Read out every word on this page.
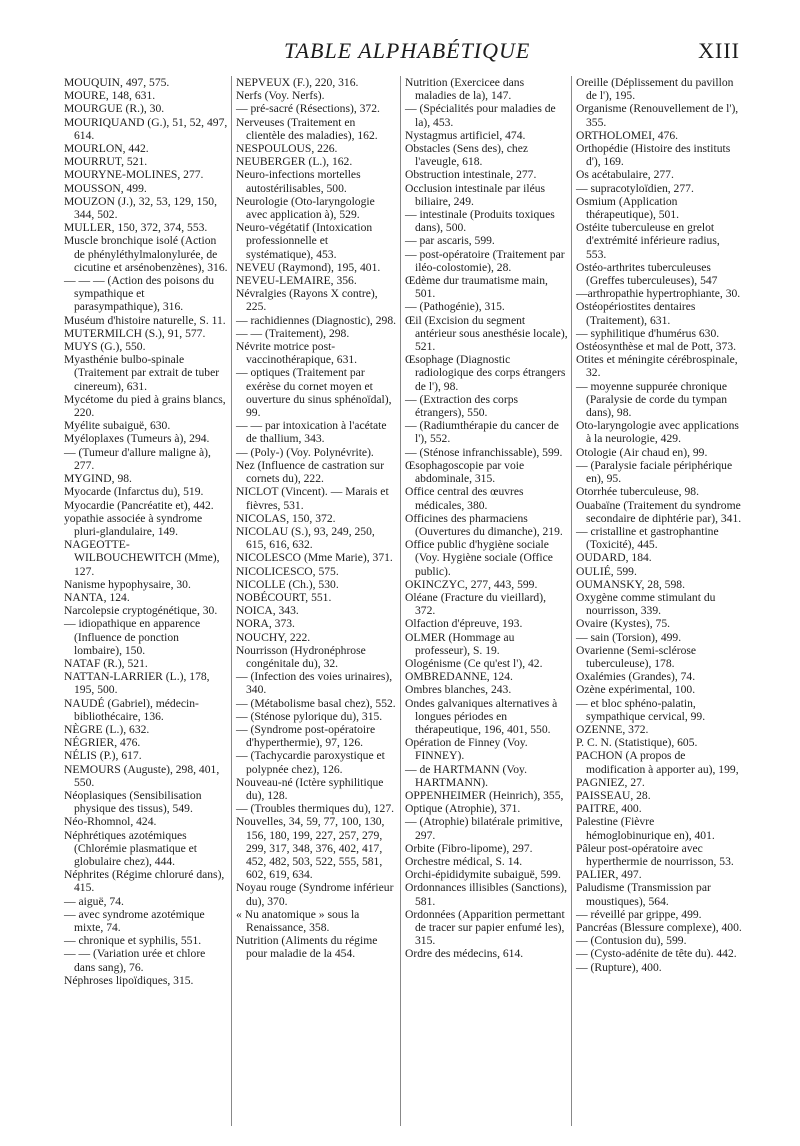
TABLE ALPHABÉTIQUE	XIII

MOUQUIN, 497, 575.

MOURE, 148, 631.

MOURGUE (R.), 30.

MOURIQUAND (G.), 51, 52, 497, 614.

MOURLON, 442.

MOURRUT, 521.

MOURYNE-MOLINES, 277.

MOUSSON, 499.

MOUZON (J.), 32, 53, 129, 150, 344, 502.

MULLER, 150, 372, 374, 553.

Muscle bronchique isolé (Action de phényléthylmalonylurée, de cicutine et arsénobenzènes), 316.

— — — (Action des poisons du sympathique et parasympathique), 316.

Muséum d'histoire naturelle, S. 11.

MUTERMILCH (S.), 91, 577.

MUYS (G.), 550.

Myasthénie bulbo-spinale (Traitement par extrait de tuber cinereum), 631.

Mycétome du pied à grains blancs, 220.

Myélite subaiguë, 630.

Myéloplaxes (Tumeurs à), 294.

— (Tumeur d'allure maligne à), 277.

MYGIND, 98.

Myocarde (Infarctus du), 519.

Myocardie (Pancréatite et), 442.

yopathie associée à syndrome pluri-glandulaire, 149.

NAGEOTTE-WILBOUCHEWITCH (Mme), 127.

Nanisme hypophysaire, 30.

NANTA, 124.

Narcolepsie cryptogénétique, 30.

— idiopathique en apparence (Influence de ponction lombaire), 150.

NATAF (R.), 521.

NATTAN-LARRIER (L.), 178, 195, 500.

NAUDÉ (Gabriel), médecin-bibliothécaire, 136.

NÈGRE (L.), 632.

NÉGRIER, 476.

NÉLIS (P.), 617.

NEMOURS (Auguste), 298, 401, 550.

Néoplasiques (Sensibilisation physique des tissus), 549.

Néo-Rhomnol, 424.

Néphrétiques azotémiques (Chlorémie plasmatique et globulaire chez), 444.

Néphrites (Régime chloruré dans), 415.

— aiguë, 74.

— avec syndrome azotémique mixte, 74.

— chronique et syphilis, 551.

— — (Variation urée et chlore dans sang), 76.

Néphroses lipoïdiques, 315.

NEPVEUX (F.), 220, 316.

Nerfs (Voy. Nerfs).

— pré-sacré (Résections), 372.

Nerveuses (Traitement en clientèle des maladies), 162.

NESPOULOUS, 226.

NEUBERGER (L.), 162.

Neuro-infections mortelles autostérilisables, 500.

Neurologie (Oto-laryngologie avec application à), 529.

Neuro-végétatif (Intoxication professionnelle et systématique), 453.

NEVEU (Raymond), 195, 401.

NEVEU-LEMAIRE, 356.

Névralgies (Rayons X contre), 225.

— rachidiennes (Diagnostic), 298.

— — (Traitement), 298.

Névrite motrice post-vaccinothérapique, 631.

— optiques (Traitement par exérèse du cornet moyen et ouverture du sinus sphénoïdal), 99.

— — par intoxication à l'acétate de thallium, 343.

— (Poly-) (Voy. Polynévrite).

Nez (Influence de castration sur cornets du), 222.

NICLOT (Vincent). — Marais et fièvres, 531.

NICOLAS, 150, 372.

NICOLAU (S.), 93, 249, 250, 615, 616, 632.

NICOLESCO (Mme Marie), 371.

NICOLICESCO, 575.

NICOLLE (Ch.), 530.

NOBÉCOURT, 551.

NOICA, 343.

NORA, 373.

NOUCHY, 222.

Nourrisson (Hydronéphrose congénitale du), 32.

— (Infection des voies urinaires), 340.

— (Métabolisme basal chez), 552.

— (Sténose pylorique du), 315.

— (Syndrome post-opératoire d'hyperthermie), 97, 126.

— (Tachycardie paroxystique et polypnée chez), 126.

Nouveau-né (Ictère syphilitique du), 128.

— (Troubles thermiques du), 127.

Nouvelles, 34, 59, 77, 100, 130, 156, 180, 199, 227, 257, 279, 299, 317, 348, 376, 402, 417, 452, 482, 503, 522, 555, 581, 602, 619, 634.

Noyau rouge (Syndrome inférieur du), 370.

« Nu anatomique » sous la Renaissance, 358.

Nutrition (Aliments du régime pour maladie de la 454.

Nutrition (Exercicee dans maladies de la), 147.

— (Spécialités pour maladies de la), 453.

Nystagmus artificiel, 474.

Obstacles (Sens des), chez l'aveugle, 618.

Obstruction intestinale, 277.

Occlusion intestinale par iléus biliaire, 249.

— intestinale (Produits toxiques dans), 500.

— par ascaris, 599.

— post-opératoire (Traitement par iléo-colostomie), 28.

Œdème dur traumatisme main, 501.

— (Pathogénie), 315.

Œil (Excision du segment antérieur sous anesthésie locale), 521.

Œsophage (Diagnostic radiologique des corps étrangers de l'), 98.

— (Extraction des corps étrangers), 550.

— (Radiumthérapie du cancer de l'), 552.

— (Sténose infranchissable), 599.

Œsophagoscopie par voie abdominale, 315.

Office central des œuvres médicales, 380.

Officines des pharmaciens (Ouvertures du dimanche), 219.

Office public d'hygiène sociale (Voy. Hygiène sociale (Office public).

OKINCZYC, 277, 443, 599.

Oléane (Fracture du vieillard), 372.

Olfaction d'épreuve, 193.

OLMER (Hommage au professeur), S. 19.

Ologénisme (Ce qu'est l'), 42.

OMBREDANNE, 124.

Ombres blanches, 243.

Ondes galvaniques alternatives à longues périodes en thérapeutique, 196, 401, 550.

Opération de Finney (Voy. FINNEY).

— de HARTMANN (Voy. HARTMANN).

OPPENHEIMER (Heinrich), 355,

Optique (Atrophie), 371.

— (Atrophie) bilatérale primitive, 297.

Orbite (Fibro-lipome), 297.

Orchestre médical, S. 14.

Orchi-épididymite subaiguë, 599.

Ordonnances illisibles (Sanctions), 581.

Ordonnées (Apparition permettant de tracer sur papier enfumé les), 315.

Ordre des médecins, 614.

Oreille (Déplissement du pavillon de l'), 195.

Organisme (Renouvellement de l'), 355.

ORTHOLOMEI, 476.

Orthopédie (Histoire des instituts d'), 169.

Os acétabulaire, 277.

— supracotyloïdien, 277.

Osmium (Application thérapeutique), 501.

Ostéite tuberculeuse en grelot d'extrémité inférieure radius, 553.

Ostéo-arthrites tuberculeuses (Greffes tuberculeuses), 547

—arthropathie hypertrophiante, 30.

Ostéopériostites dentaires (Traitement), 631.

— syphilitique d'humérus 630.

Ostéosynthèse et mal de Pott, 373.

Otites et méningite cérébrospinale, 32.

— moyenne suppurée chronique (Paralysie de corde du tympan dans), 98.

Oto-laryngologie avec applications à la neurologie, 429.

Otologie (Air chaud en), 99.

— (Paralysie faciale périphérique en), 95.

Otorrhée tuberculeuse, 98.

Ouabaïne (Traitement du syndrome secondaire de diphtérie par), 341.

— cristalline et gastrophantine (Toxicité), 445.

OUDARD, 184.

OULIÉ, 599.

OUMANSKY, 28, 598.

Oxygène comme stimulant du nourrisson, 339.

Ovaire (Kystes), 75.

— sain (Torsion), 499.

Ovarienne (Semi-sclérose tuberculeuse), 178.

Oxalémies (Grandes), 74.

Ozène expérimental, 100.

— et bloc sphéno-palatin, sympathique cervical, 99.

OZENNE, 372.

P. C. N. (Statistique), 605.

PACHON (A propos de modification à apporter au), 199,

PAGNIEZ, 27.

PAISSEAU, 28.

PAITRE, 400.

Palestine (Fièvre hémoglobinurique en), 401.

Pâleur post-opératoire avec hyperthermie de nourrisson, 53.

PALIER, 497.

Paludisme (Transmission par moustiques), 564.

— réveillé par grippe, 499.

Pancréas (Blessure complexe), 400.

— (Contusion du), 599.

— (Cysto-adénite de tête du). 442.

— (Rupture), 400.
